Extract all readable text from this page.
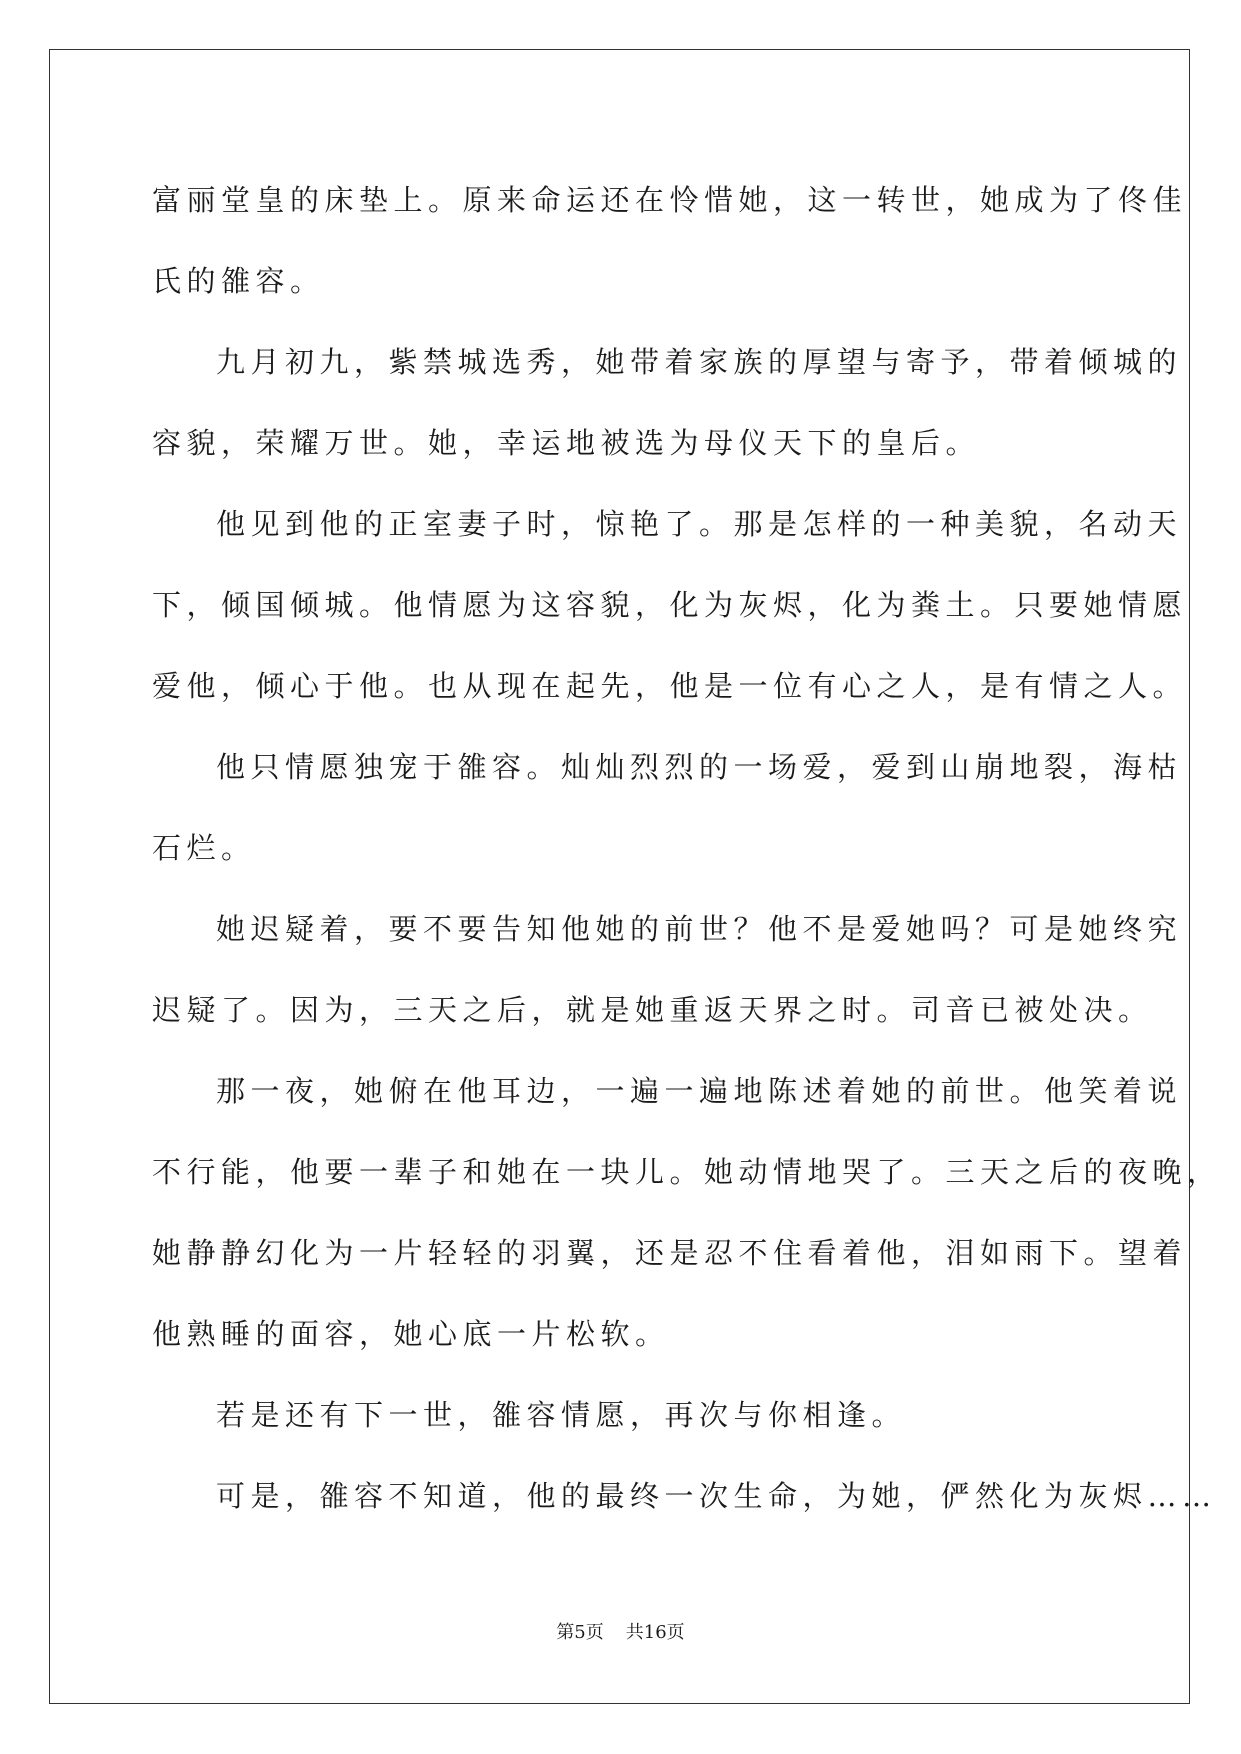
富丽堂皇的床垫上。原来命运还在怜惜她，这一转世，她成为了佟佳
氏的雒容。
九月初九，紫禁城选秀，她带着家族的厚望与寄予，带着倾城的
容貌，荣耀万世。她，幸运地被选为母仪天下的皇后。
他见到他的正室妻子时，惊艳了。那是怎样的一种美貌，名动天
下，倾国倾城。他情愿为这容貌，化为灰烬，化为粪土。只要她情愿
爱他，倾心于他。也从现在起先，他是一位有心之人，是有情之人。
他只情愿独宠于雒容。灿灿烈烈的一场爱，爱到山崩地裂，海枯
石烂。
她迟疑着，要不要告知他她的前世？他不是爱她吗？可是她终究
迟疑了。因为，三天之后，就是她重返天界之时。司音已被处决。
那一夜，她俯在他耳边，一遍一遍地陈述着她的前世。他笑着说
不行能，他要一辈子和她在一块儿。她动情地哭了。三天之后的夜晚，
她静静幻化为一片轻轻的羽翼，还是忍不住看着他，泪如雨下。望着
他熟睡的面容，她心底一片松软。
若是还有下一世，雒容情愿，再次与你相逢。
可是，雒容不知道，他的最终一次生命，为她，俨然化为灰烬……
第5页 共16页
